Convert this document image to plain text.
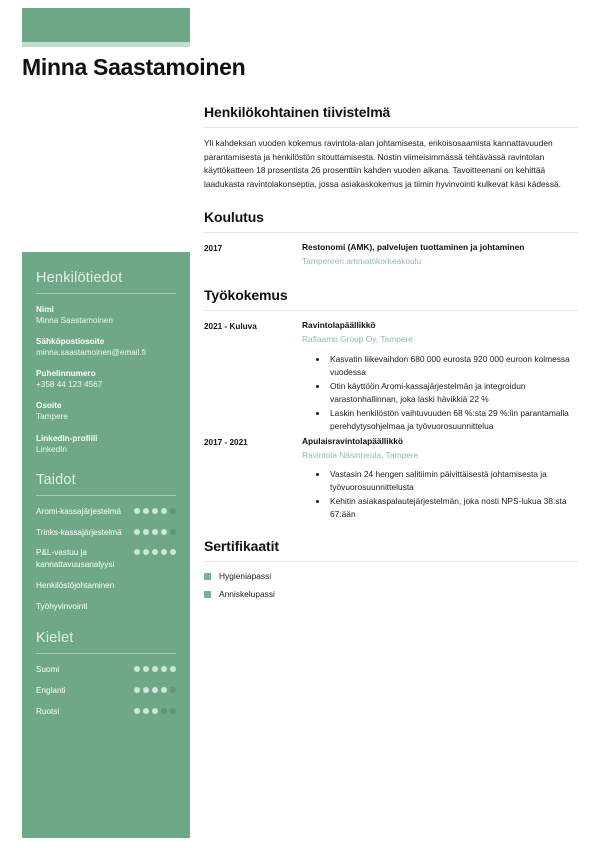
Minna Saastamoinen
Henkilötiedot
Nimi
Minna Saastamoinen
Sähköpostiosoite
minna.saastamoinen@email.fi
Puhelinnumero
+358 44 123 4567
Osoite
Tampere
LinkedIn-profiili
LinkedIn
Taidot
Aromi-kassajärjestelmä
Trinks-kassajärjestelmä
P&L-vastuu ja kannattavuusanalyysi
Henkilöstöjohtaminen
Työhyvinvointi
Kielet
Suomi
Englanti
Ruotsi
Henkilökohtainen tiivistelmä

Yli kahdeksan vuoden kokemus ravintola-alan johtamisesta, erikoisosaamista kannattavuuden parantamisesta ja henkilöstön sitouttamisesta. Nostin viimeisimmässä tehtävässä ravintolan käyttökatteen 18 prosentista 26 prosenttiin kahden vuoden aikana. Tavoitteenani on kehittää laadukasta ravintolakonseptia, jossa asiakaskokemus ja tiimin hyvinvointi kulkevat käsi kädessä.

Koulutus
2017	Restonomi (AMK), palvelujen tuottaminen ja johtaminen
Tampereen ammattikorkeakoulu
Työkokemus
2021 - Kuluva	Ravintolapäällikkö
Raflaamo Group Oy, Tampere
• Kasvatin liikevaihdon 680 000 eurosta 920 000 euroon kolmessa vuodessa
• Otin käyttöön Aromi-kassajärjestelmän ja integroidun varastonhallinnan, joka laski hävikkiä 22 %
• Laskin henkilöstön vaihtuvuuden 68 %:sta 29 %:iin parantamalla perehdytysohjelmaa ja työvuorosuunnittelua
2017 - 2021	Apulaisravintolapäällikkö
Ravintola Näsinneula, Tampere
• Vastasin 24 hengen salitiimin päivittäisestä johtamisesta ja työvuorosuunnittelusta
• Kehitin asiakaspalautejärjestelmän, joka nosti NPS-lukua 38:sta 67:ään
Sertifikaatit
Hygieniapassi
Anniskelupassi
